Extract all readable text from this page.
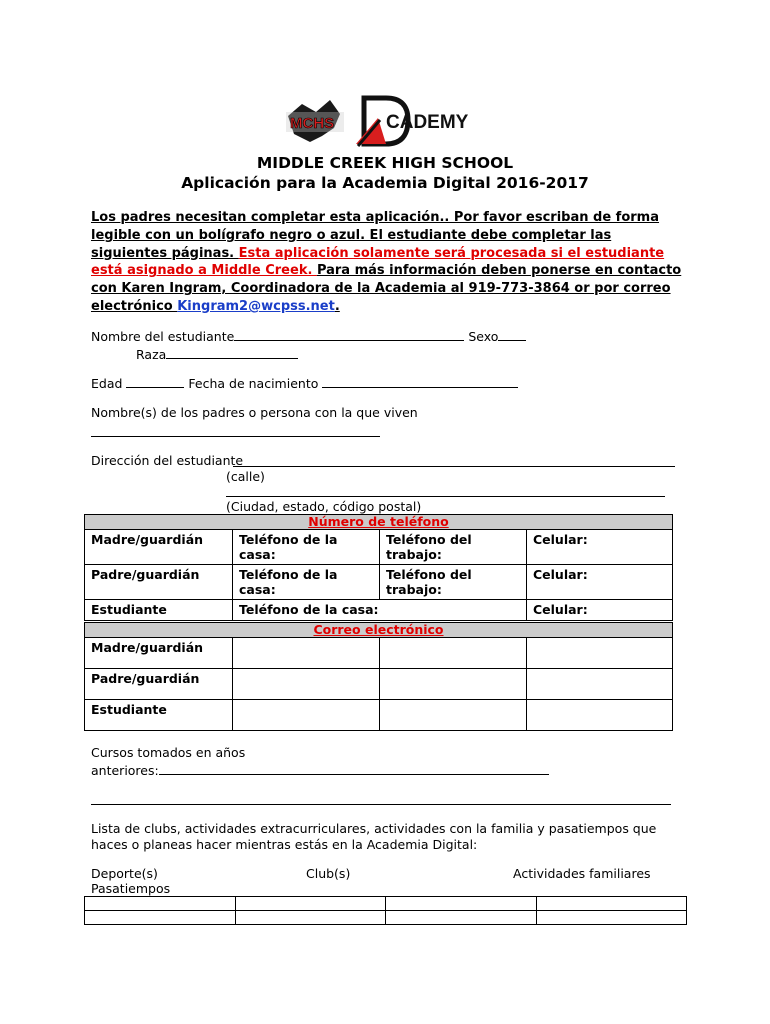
MCHS	CADEMY
MIDDLE CREEK HIGH SCHOOL
Aplicación para la Academia Digital 2016-2017
Los padres necesitan completar esta aplicación.. Por favor escriban de forma legible con un bolígrafo negro o azul. El estudiante debe completar las siguientes páginas. Esta aplicación solamente será procesada si el estudiante está asignado a Middle Creek. Para más información deben ponerse en contacto con Karen Ingram, Coordinadora de la Academia al 919-773-3864 or por correo electrónico Kingram2@wcpss.net.
Nombre del estudiante	Sexo
Raza
Edad	Fecha de nacimiento
Nombre(s) de los padres o persona con la que viven
Dirección del estudiante
(calle)
(Ciudad, estado, código postal)
Número de teléfono			
Madre/guardián	Teléfono de la casa:	Teléfono del trabajo:	Celular:
Padre/guardián	Teléfono de la casa:	Teléfono del trabajo:	Celular:
Estudiante	Teléfono de la casa:		Celular:
Correo electrónico			
Madre/guardián			
Padre/guardián			
Estudiante			
Cursos tomados en años
anteriores:
Lista de clubs, actividades extracurriculares, actividades con la familia y pasatiempos que haces o planeas hacer mientras estás en la Academia Digital:
Deporte(s)	Club(s)	Actividades familiares
Pasatiempos
